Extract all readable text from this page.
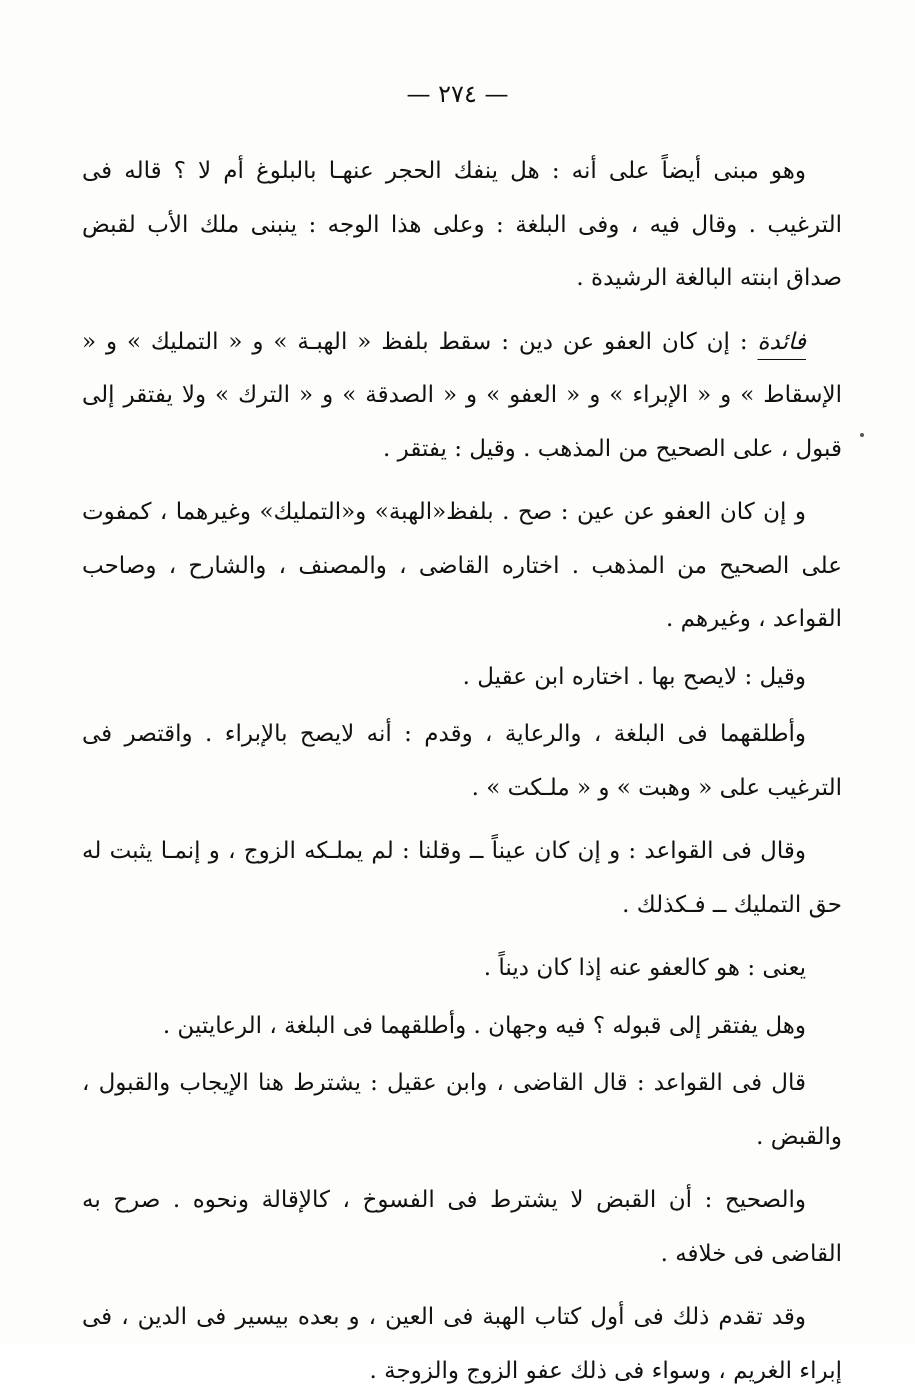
— ٢٧٤ —

وهو مبنى أيضاً على أنه : هل ينفك الحجر عنهـا بالبلوغ أم لا ؟ قاله فى الترغيب . وقال فيه ، وفى البلغة : وعلى هذا الوجه : ينبنى ملك الأب لقبض صداق ابنته البالغة الرشيدة .

فائدة : إن كان العفو عن دين : سقط بلفظ « الهبـة » و « التمليك » و « الإسقاط » و « الإبراء » و « العفو » و « الصدقة » و « الترك » ولا يفتقر إلى قبول ، على الصحيح من المذهب . وقيل : يفتقر .

و إن كان العفو عن عين : صح . بلفظ«الهبة» و«التمليك» وغيرهما ، كمفوت على الصحيح من المذهب . اختاره القاضى ، والمصنف ، والشارح ، وصاحب القواعد ، وغيرهم .

وقيل : لايصح بها . اختاره ابن عقيل .

وأطلقهما فى البلغة ، والرعاية ، وقدم : أنه لايصح بالإبراء . واقتصر فى الترغيب على « وهبت » و « ملـكت » .

وقال فى القواعد : و إن كان عيناً ــ وقلنا : لم يملـكه الزوج ، و إنمـا يثبت له حق التمليك ــ فـكذلك .

يعنى : هو كالعفو عنه إذا كان ديناً .

وهل يفتقر إلى قبوله ؟ فيه وجهان . وأطلقهما فى البلغة ، الرعايتين .

قال فى القواعد : قال القاضى ، وابن عقيل : يشترط هنا الإيجاب والقبول ، والقبض .

والصحيح : أن القبض لا يشترط فى الفسوخ ، كالإقالة ونحوه . صرح به القاضى فى خلافه .

وقد تقدم ذلك فى أول كتاب الهبة فى العين ، و بعده بيسير فى الدين ، فى إبراء الغريم ، وسواء فى ذلك عفو الزوج والزوجة .
